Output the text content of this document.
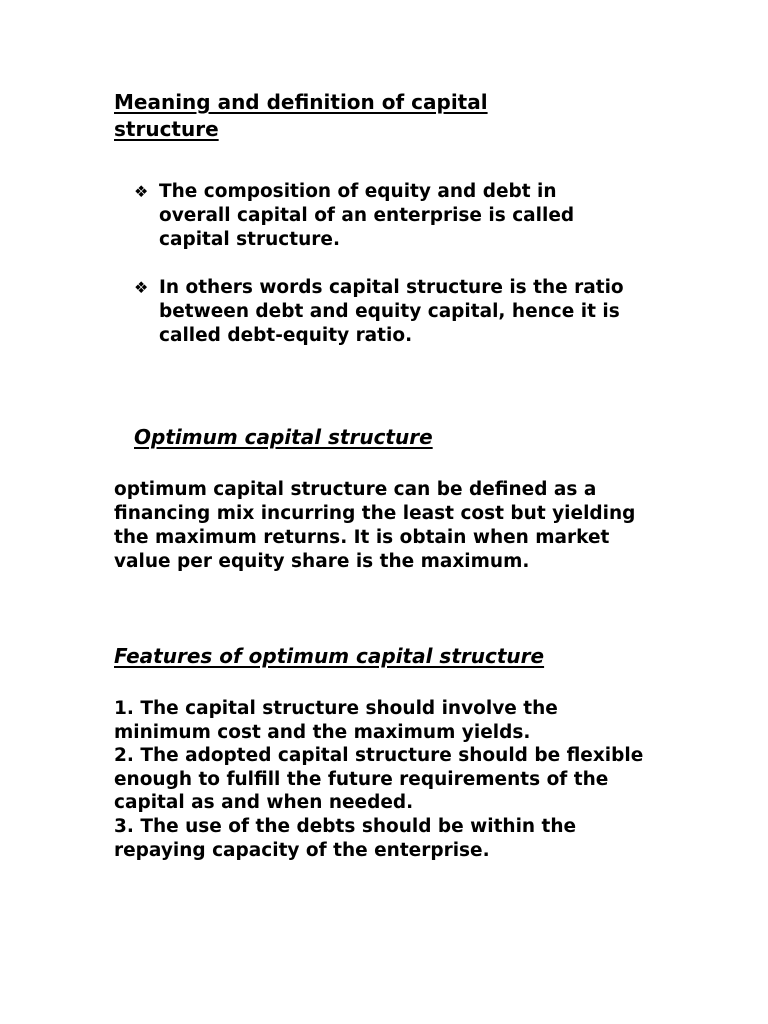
Meaning and definition of capital structure
❖ The composition of equity and debt in overall capital of an enterprise is called capital structure.
❖ In others words capital structure is the ratio between debt and equity capital, hence it is called debt-equity ratio.
Optimum capital structure

optimum capital structure can be defined as a financing mix incurring the least cost but yielding the maximum returns. It is obtain when market value per equity share is the maximum.

Features of optimum capital structure
1. The capital structure should involve the minimum cost and the maximum yields.
2. The adopted capital structure should be flexible enough to fulfill the future requirements of the capital as and when needed.
3. The use of the debts should be within the repaying capacity of the enterprise.
